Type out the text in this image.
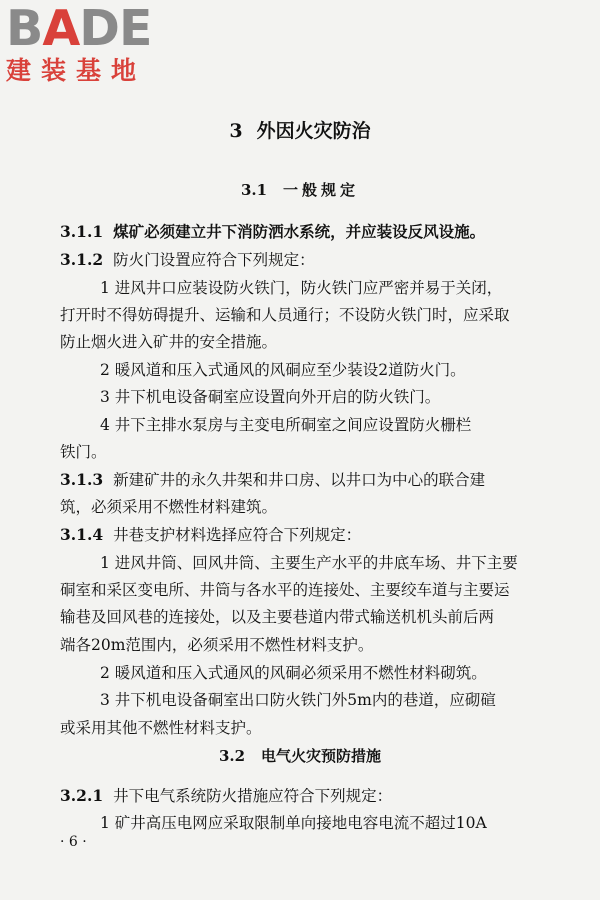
BADE
建装基地
3 外因火灾防治
3.1 一般规定
3.1.1 煤矿必须建立井下消防洒水系统，并应装设反风设施。
3.1.2 防火门设置应符合下列规定：
1 进风井口应装设防火铁门，防火铁门应严密并易于关闭，
打开时不得妨碍提升、运输和人员通行；不设防火铁门时，应采取
防止烟火进入矿井的安全措施。
2 暖风道和压入式通风的风硐应至少装设2道防火门。
3 井下机电设备硐室应设置向外开启的防火铁门。
4 井下主排水泵房与主变电所硐室之间应设置防火栅栏
铁门。
3.1.3 新建矿井的永久井架和井口房、以井口为中心的联合建
筑，必须采用不燃性材料建筑。
3.1.4 井巷支护材料选择应符合下列规定：
1 进风井筒、回风井筒、主要生产水平的井底车场、井下主要
硐室和采区变电所、井筒与各水平的连接处、主要绞车道与主要运
输巷及回风巷的连接处，以及主要巷道内带式输送机机头前后两
端各20m范围内，必须采用不燃性材料支护。
2 暖风道和压入式通风的风硐必须采用不燃性材料砌筑。
3 井下机电设备硐室出口防火铁门外5m内的巷道，应砌碹
或采用其他不燃性材料支护。
3.2 电气火灾预防措施
3.2.1 井下电气系统防火措施应符合下列规定：
1 矿井高压电网应采取限制单向接地电容电流不超过10A
· 6 ·
